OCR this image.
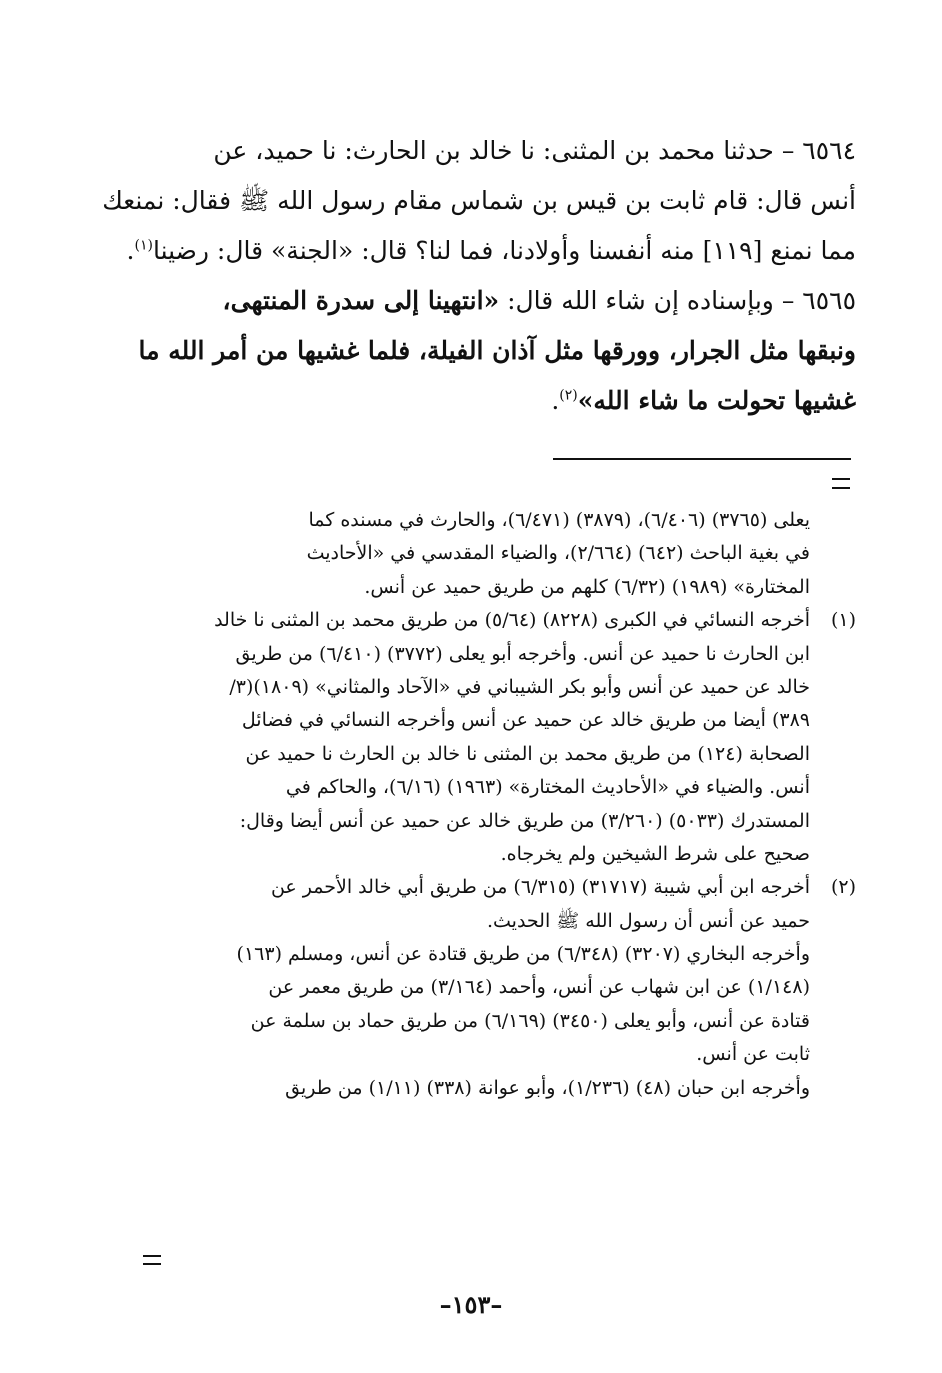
٦٥٦٤ – حدثنا محمد بن المثنى: نا خالد بن الحارث: نا حميد، عن
أنس قال: قام ثابت بن قيس بن شماس مقام رسول الله ﷺ فقال: نمنعك
مما نمنع [١١٩] منه أنفسنا وأولادنا، فما لنا؟ قال: «الجنة» قال: رضينا$^{(١)}$.
٦٥٦٥ – وبإسناده إن شاء الله قال: «انتهينا إلى سدرة المنتهى،
ونبقها مثل الجرار، وورقها مثل آذان الفيلة، فلما غشيها من أمر الله ما
غشيها تحولت ما شاء الله»$^{(٢)}$.
يعلى (٣٧٦٥) (٦/٤٠٦)، (٣٨٧٩) (٦/٤٧١)، والحارث في مسنده كما
في بغية الباحث (٦٤٢) (٢/٦٦٤)، والضياء المقدسي في «الأحاديث
المختارة» (١٩٨٩) (٦/٣٢) كلهم من طريق حميد عن أنس.
(١)أخرجه النسائي في الكبرى (٨٢٢٨) (٥/٦٤) من طريق محمد بن المثنى نا خالد
ابن الحارث نا حميد عن أنس. وأخرجه أبو يعلى (٣٧٧٢) (٦/٤١٠) من طريق
خالد عن حميد عن أنس وأبو بكر الشيباني في «الآحاد والمثاني» (١٨٠٩)(٣/
٣٨٩) أيضا من طريق خالد عن حميد عن أنس وأخرجه النسائي في فضائل
الصحابة (١٢٤) من طريق محمد بن المثنى نا خالد بن الحارث نا حميد عن
أنس. والضياء في «الأحاديث المختارة» (١٩٦٣) (٦/١٦)، والحاكم في
المستدرك (٥٠٣٣) (٣/٢٦٠) من طريق خالد عن حميد عن أنس أيضا وقال:
صحيح على شرط الشيخين ولم يخرجاه.
(٢)أخرجه ابن أبي شيبة (٣١٧١٧) (٦/٣١٥) من طريق أبي خالد الأحمر عن
حميد عن أنس أن رسول الله ﷺ الحديث.
وأخرجه البخاري (٣٢٠٧) (٦/٣٤٨) من طريق قتادة عن أنس، ومسلم (١٦٣)
(١/١٤٨) عن ابن شهاب عن أنس، وأحمد (٣/١٦٤) من طريق معمر عن
قتادة عن أنس، وأبو يعلى (٣٤٥٠) (٦/١٦٩) من طريق حماد بن سلمة عن
ثابت عن أنس.
وأخرجه ابن حبان (٤٨) (١/٢٣٦)، وأبو عوانة (٣٣٨) (١/١١) من طريق
–١٥٣–
